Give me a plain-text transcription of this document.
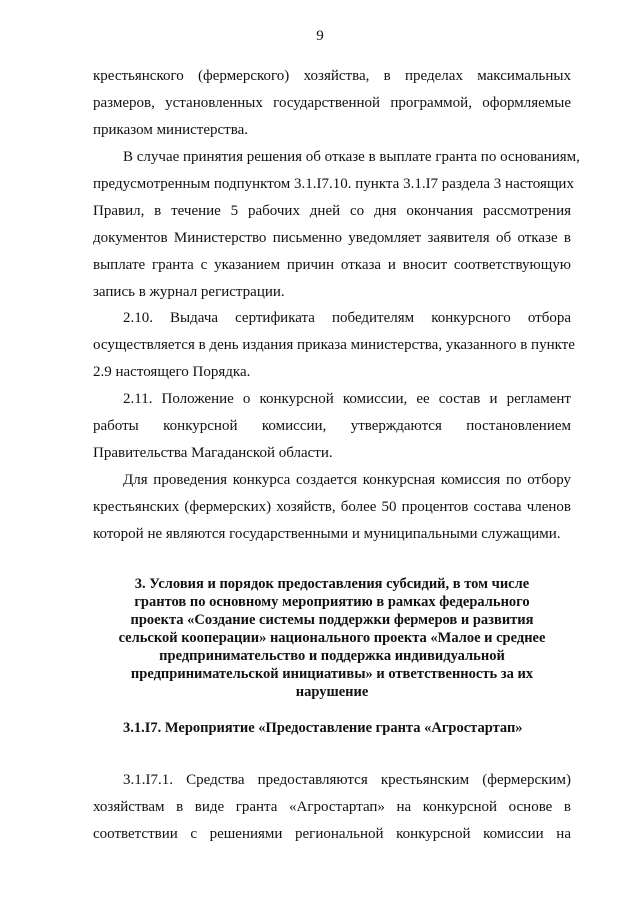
9
крестьянского (фермерского) хозяйства, в пределах максимальных
размеров, установленных государственной программой, оформляемые
приказом министерства.
В случае принятия решения об отказе в выплате гранта по основаниям,
предусмотренным подпунктом 3.1.I7.10. пункта 3.1.I7 раздела 3 настоящих
Правил, в течение 5 рабочих дней со дня окончания рассмотрения
документов Министерство письменно уведомляет заявителя об отказе в
выплате гранта с указанием причин отказа и вносит соответствующую
запись в журнал регистрации.
2.10. Выдача сертификата победителям конкурсного отбора
осуществляется в день издания приказа министерства, указанного в пункте
2.9 настоящего Порядка.
2.11. Положение о конкурсной комиссии, ее состав и регламент
работы конкурсной комиссии, утверждаются постановлением
Правительства Магаданской области.
Для проведения конкурса создается конкурсная комиссия по отбору
крестьянских (фермерских) хозяйств, более 50 процентов состава членов
которой не являются государственными и муниципальными служащими.
3. Условия и порядок предоставления субсидий, в том числе
грантов по основному мероприятию в рамках федерального
проекта «Создание системы поддержки фермеров и развития
сельской кооперации» национального проекта «Малое и среднее
предпринимательство и поддержка индивидуальной
предпринимательской инициативы» и ответственность за их
нарушение
3.1.I7. Мероприятие «Предоставление гранта «Агростартап»
3.1.I7.1. Средства предоставляются крестьянским (фермерским)
хозяйствам в виде гранта «Агростартап» на конкурсной основе в
соответствии с решениями региональной конкурсной комиссии на
